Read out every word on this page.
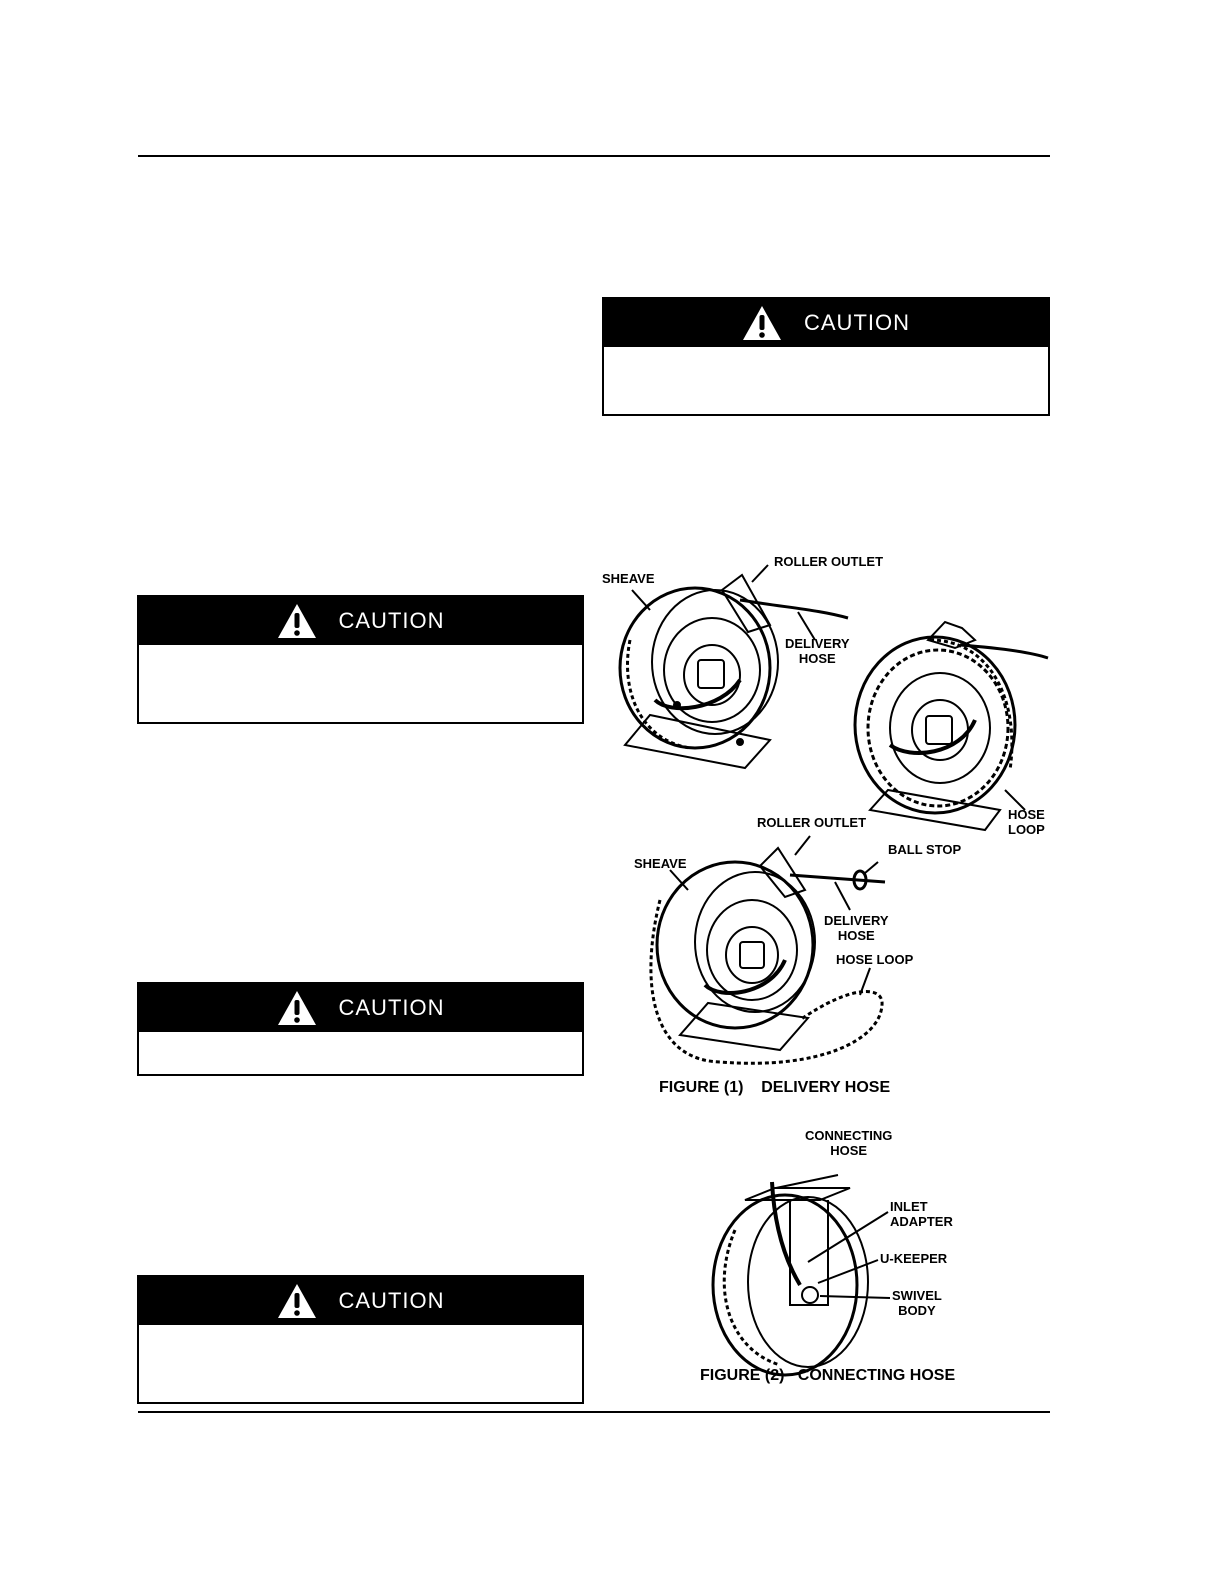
CAUTION
CAUTION
CAUTION
CAUTION
SHEAVE
ROLLER OUTLET
DELIVERY
HOSE
HOSE
LOOP
ROLLER OUTLET
BALL STOP
SHEAVE
DELIVERY
HOSE
HOSE LOOP
FIGURE (1)    DELIVERY HOSE
CONNECTING
HOSE
INLET
ADAPTER
U-KEEPER
SWIVEL
BODY
FIGURE (2)   CONNECTING HOSE
